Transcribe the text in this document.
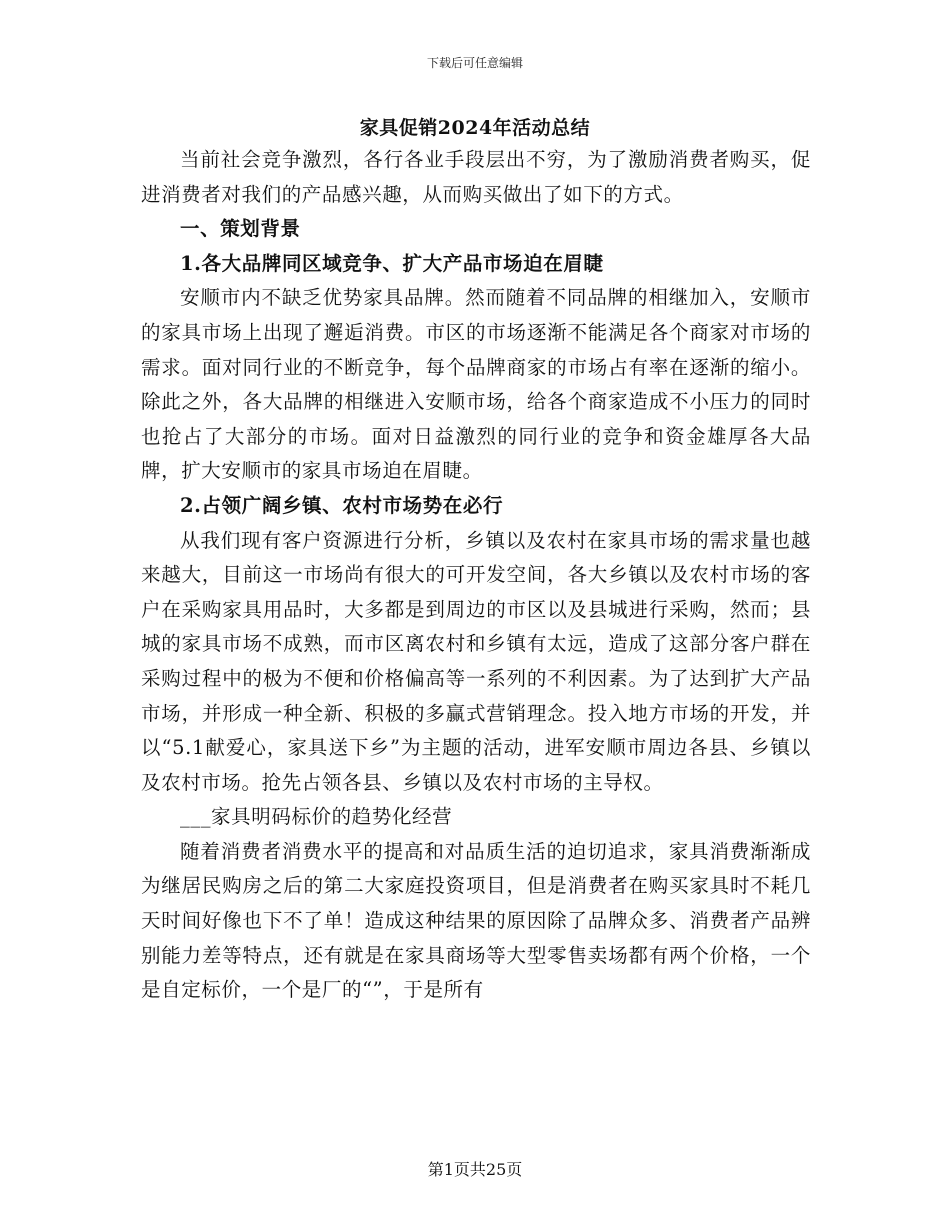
下载后可任意编辑
家具促销2024年活动总结

当前社会竞争激烈，各行各业手段层出不穷，为了激励消费者购买，促进消费者对我们的产品感兴趣，从而购买做出了如下的方式。

一、策划背景

1.各大品牌同区域竞争、扩大产品市场迫在眉睫

安顺市内不缺乏优势家具品牌。然而随着不同品牌的相继加入，安顺市的家具市场上出现了邂逅消费。市区的市场逐渐不能满足各个商家对市场的需求。面对同行业的不断竞争，每个品牌商家的市场占有率在逐渐的缩小。除此之外，各大品牌的相继进入安顺市场，给各个商家造成不小压力的同时也抢占了大部分的市场。面对日益激烈的同行业的竞争和资金雄厚各大品牌，扩大安顺市的家具市场迫在眉睫。

2.占领广阔乡镇、农村市场势在必行

从我们现有客户资源进行分析，乡镇以及农村在家具市场的需求量也越来越大，目前这一市场尚有很大的可开发空间，各大乡镇以及农村市场的客户在采购家具用品时，大多都是到周边的市区以及县城进行采购，然而；县城的家具市场不成熟，而市区离农村和乡镇有太远，造成了这部分客户群在采购过程中的极为不便和价格偏高等一系列的不利因素。为了达到扩大产品市场，并形成一种全新、积极的多赢式营销理念。投入地方市场的开发，并以“5.1献爱心，家具送下乡”为主题的活动，进军安顺市周边各县、乡镇以及农村市场。抢先占领各县、乡镇以及农村市场的主导权。

___家具明码标价的趋势化经营

随着消费者消费水平的提高和对品质生活的迫切追求，家具消费渐渐成为继居民购房之后的第二大家庭投资项目，但是消费者在购买家具时不耗几天时间好像也下不了单！造成这种结果的原因除了品牌众多、消费者产品辨别能力差等特点，还有就是在家具商场等大型零售卖场都有两个价格，一个是自定标价，一个是厂的“”，于是所有

第1页共25页
